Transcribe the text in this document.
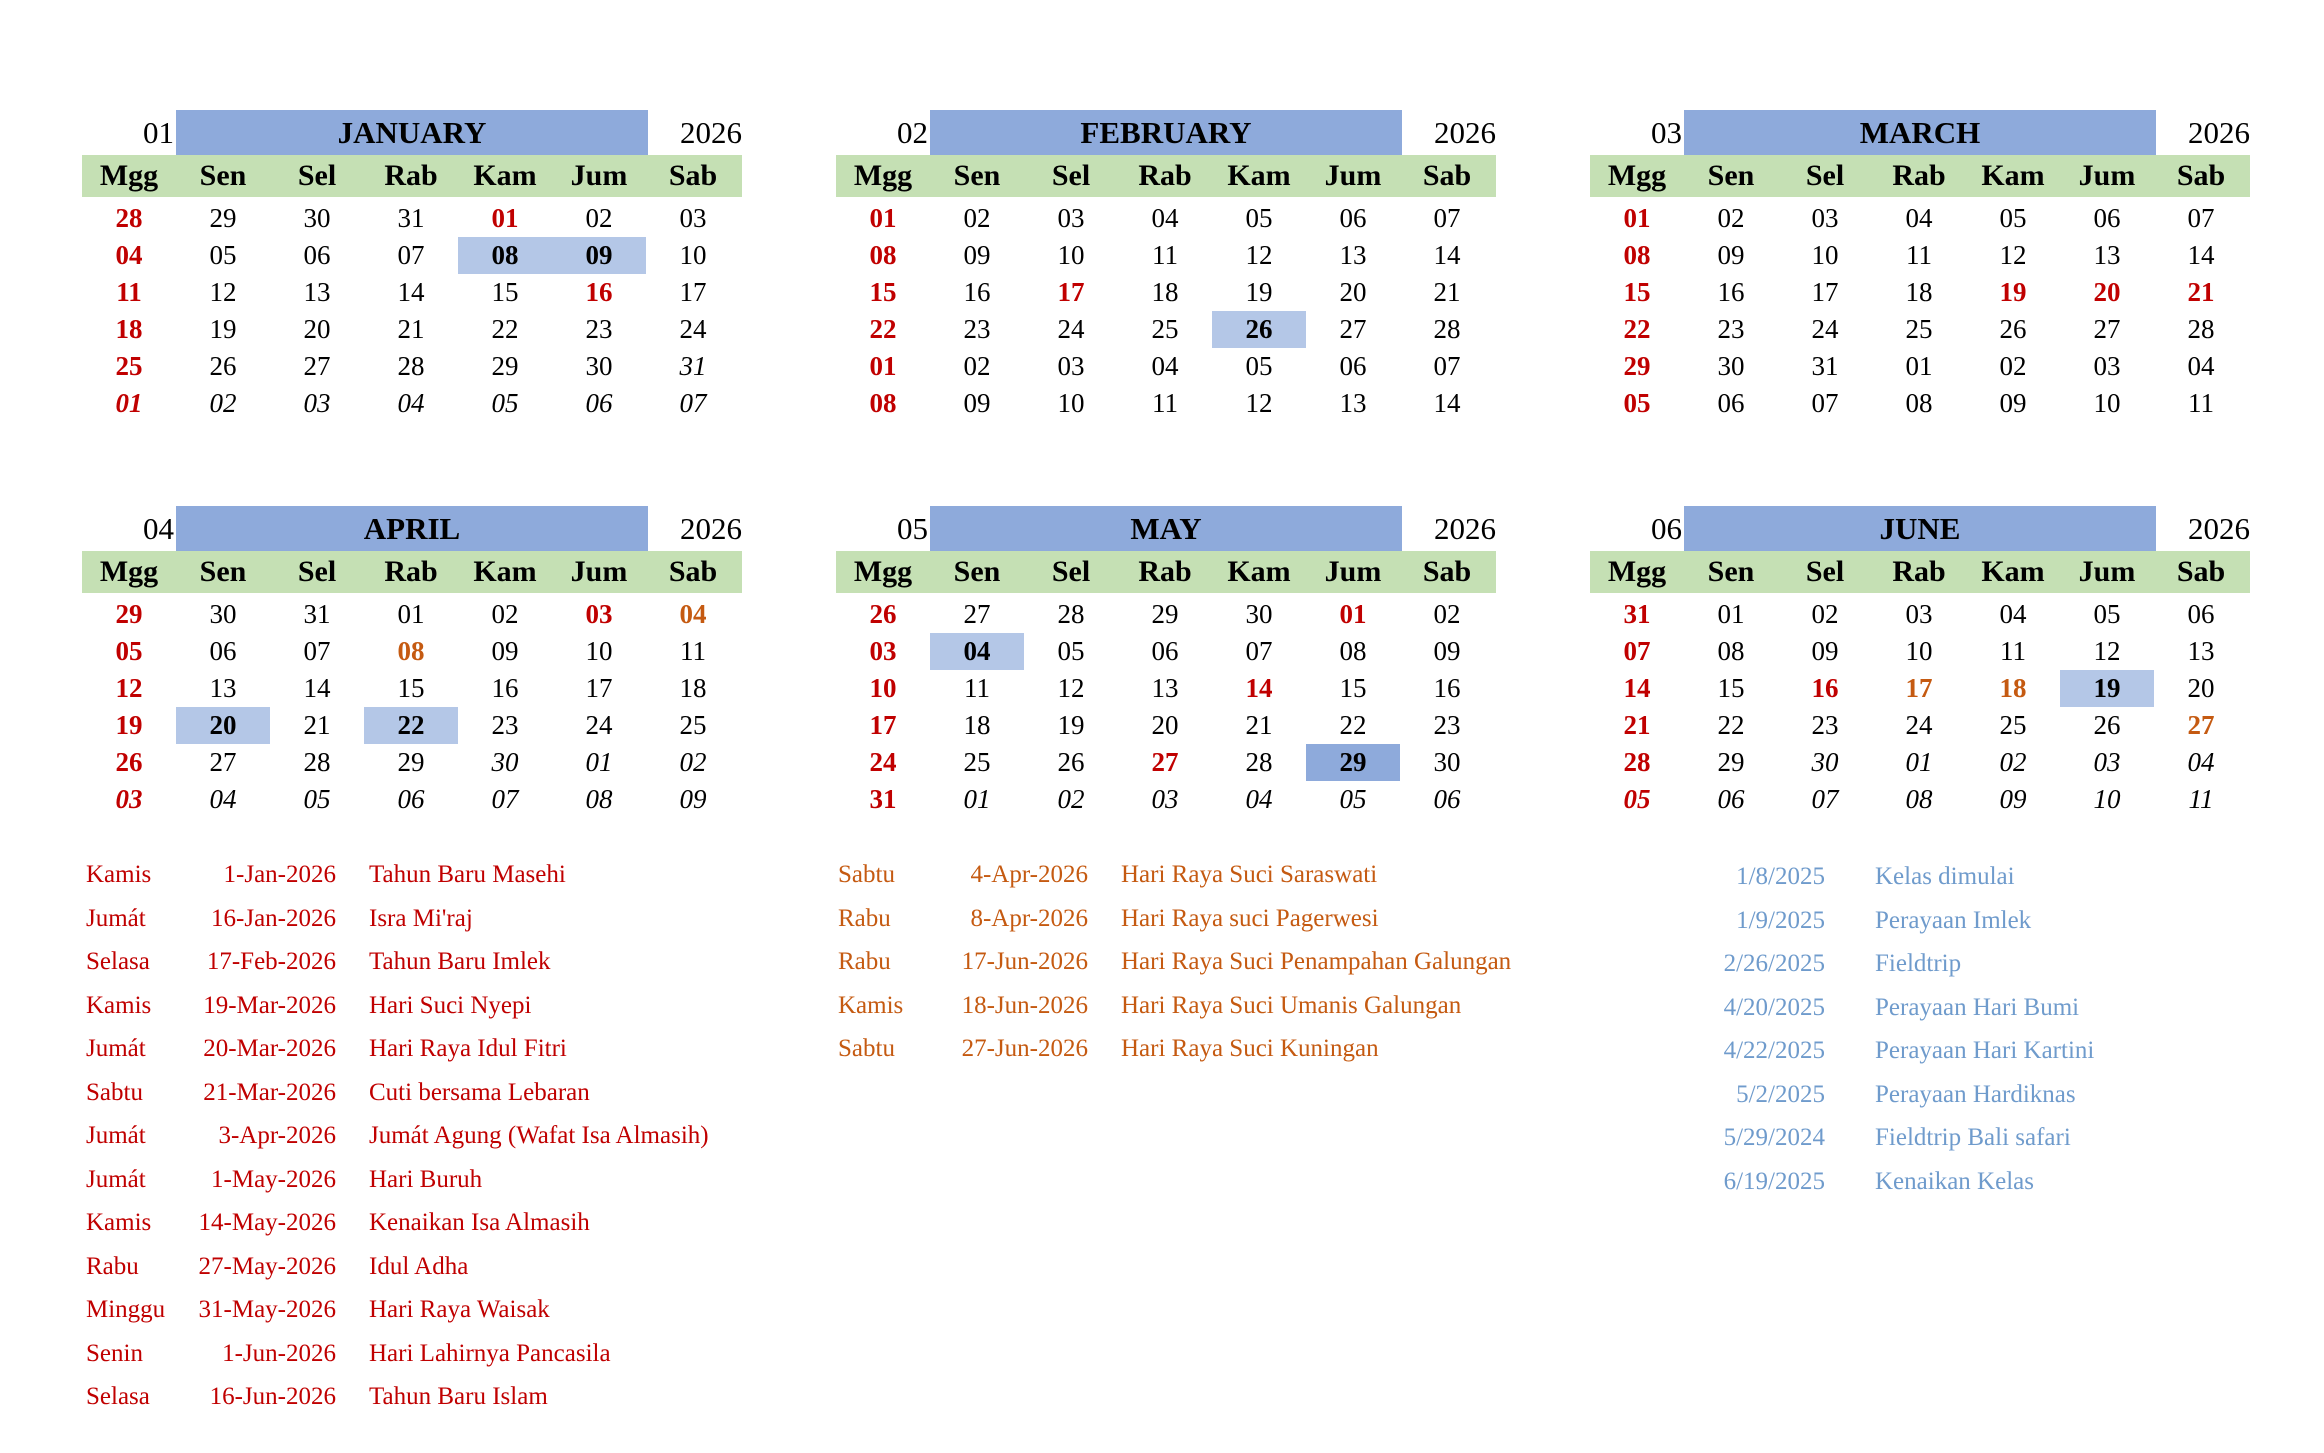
01	JANUARY	2026
Mgg	Sen	Sel	Rab	Kam	Jum	Sab
28	29	30	31	01	02	03
04	05	06	07	08	09	10
11	12	13	14	15	16	17
18	19	20	21	22	23	24
25	26	27	28	29	30	31
01	02	03	04	05	06	07
02	FEBRUARY	2026
Mgg	Sen	Sel	Rab	Kam	Jum	Sab
01	02	03	04	05	06	07
08	09	10	11	12	13	14
15	16	17	18	19	20	21
22	23	24	25	26	27	28
01	02	03	04	05	06	07
08	09	10	11	12	13	14
03	MARCH	2026
Mgg	Sen	Sel	Rab	Kam	Jum	Sab
01	02	03	04	05	06	07
08	09	10	11	12	13	14
15	16	17	18	19	20	21
22	23	24	25	26	27	28
29	30	31	01	02	03	04
05	06	07	08	09	10	11
04	APRIL	2026
Mgg	Sen	Sel	Rab	Kam	Jum	Sab
29	30	31	01	02	03	04
05	06	07	08	09	10	11
12	13	14	15	16	17	18
19	20	21	22	23	24	25
26	27	28	29	30	01	02
03	04	05	06	07	08	09
05	MAY	2026
Mgg	Sen	Sel	Rab	Kam	Jum	Sab
26	27	28	29	30	01	02
03	04	05	06	07	08	09
10	11	12	13	14	15	16
17	18	19	20	21	22	23
24	25	26	27	28	29	30
31	01	02	03	04	05	06
06	JUNE	2026
Mgg	Sen	Sel	Rab	Kam	Jum	Sab
31	01	02	03	04	05	06
07	08	09	10	11	12	13
14	15	16	17	18	19	20
21	22	23	24	25	26	27
28	29	30	01	02	03	04
05	06	07	08	09	10	11
Kamis	1-Jan-2026 Tahun Baru Masehi
Jumát	16-Jan-2026 Isra Mi'raj
Selasa	17-Feb-2026 Tahun Baru Imlek
Kamis	19-Mar-2026 Hari Suci Nyepi
Jumát	20-Mar-2026 Hari Raya Idul Fitri
Sabtu	21-Mar-2026 Cuti bersama Lebaran
Jumát	3-Apr-2026 Jumát Agung (Wafat Isa Almasih)
Jumát	1-May-2026 Hari Buruh
Kamis	14-May-2026 Kenaikan Isa Almasih
Rabu	27-May-2026 Idul Adha
Minggu	31-May-2026 Hari Raya Waisak
Senin	1-Jun-2026 Hari Lahirnya Pancasila
Selasa	16-Jun-2026 Tahun Baru Islam
Sabtu	4-Apr-2026 Hari Raya Suci Saraswati
Rabu	8-Apr-2026 Hari Raya suci Pagerwesi
Rabu	17-Jun-2026 Hari Raya Suci Penampahan Galungan
Kamis	18-Jun-2026 Hari Raya Suci Umanis Galungan
Sabtu	27-Jun-2026 Hari Raya Suci Kuningan
1/8/2025 Kelas dimulai
1/9/2025 Perayaan Imlek
2/26/2025 Fieldtrip
4/20/2025 Perayaan Hari Bumi
4/22/2025 Perayaan Hari Kartini
5/2/2025 Perayaan Hardiknas
5/29/2024 Fieldtrip Bali safari
6/19/2025 Kenaikan Kelas
